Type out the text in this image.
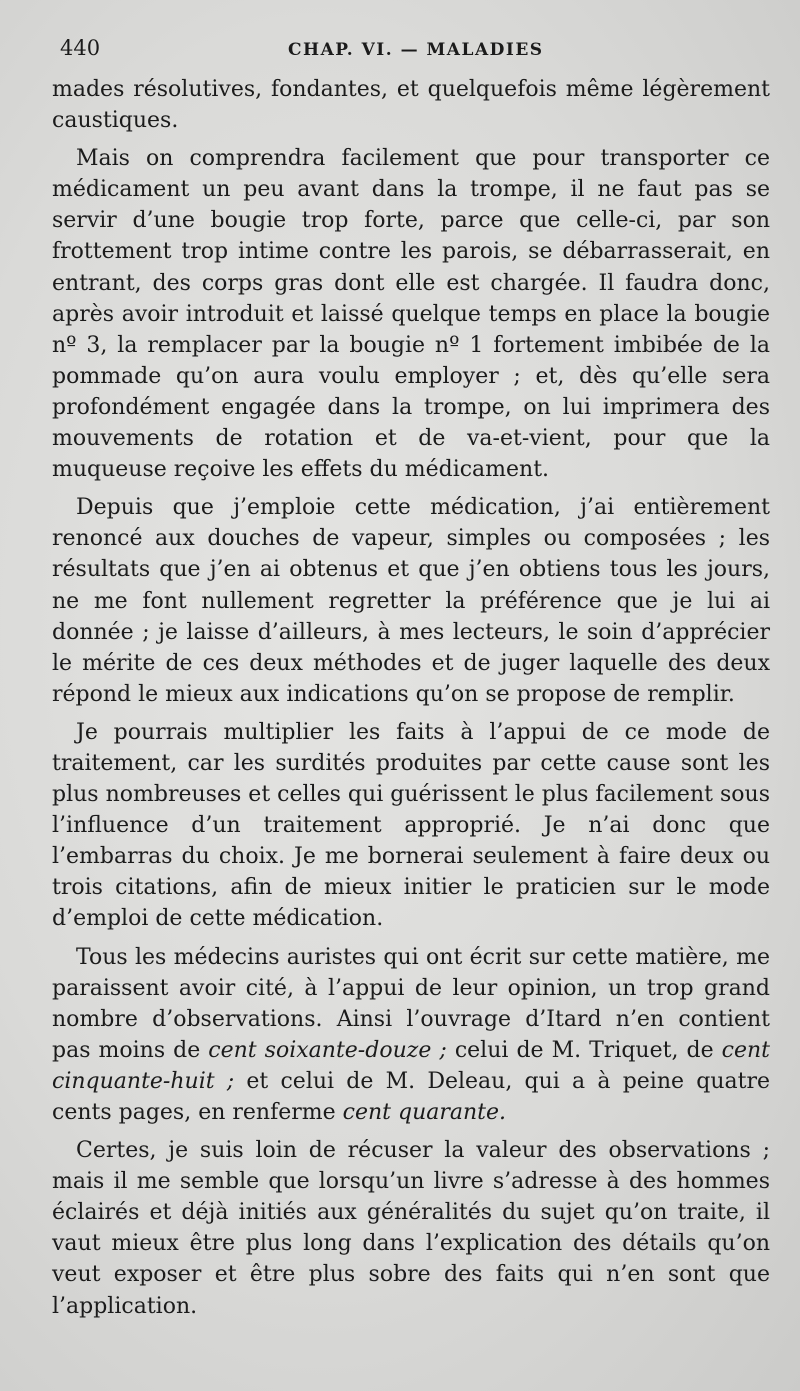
440	CHAP. VI. — MALADIES

mades résolutives, fondantes, et quelquefois même légèrement caustiques.

Mais on comprendra facilement que pour transporter ce médicament un peu avant dans la trompe, il ne faut pas se servir d’une bougie trop forte, parce que celle-ci, par son frottement trop intime contre les parois, se débarrasserait, en entrant, des corps gras dont elle est chargée. Il faudra donc, après avoir introduit et laissé quelque temps en place la bougie nº 3, la remplacer par la bougie nº 1 fortement imbibée de la pommade qu’on aura voulu employer ; et, dès qu’elle sera profondément engagée dans la trompe, on lui imprimera des mouvements de rotation et de va-et-vient, pour que la muqueuse reçoive les effets du médicament.

Depuis que j’emploie cette médication, j’ai entièrement renoncé aux douches de vapeur, simples ou composées ; les résultats que j’en ai obtenus et que j’en obtiens tous les jours, ne me font nullement regretter la préférence que je lui ai donnée ; je laisse d’ailleurs, à mes lecteurs, le soin d’apprécier le mérite de ces deux méthodes et de juger laquelle des deux répond le mieux aux indications qu’on se propose de remplir.

Je pourrais multiplier les faits à l’appui de ce mode de traitement, car les surdités produites par cette cause sont les plus nombreuses et celles qui guérissent le plus facilement sous l’influence d’un traitement approprié. Je n’ai donc que l’embarras du choix. Je me bornerai seulement à faire deux ou trois citations, afin de mieux initier le praticien sur le mode d’emploi de cette médication.

Tous les médecins auristes qui ont écrit sur cette matière, me paraissent avoir cité, à l’appui de leur opinion, un trop grand nombre d’observations. Ainsi l’ouvrage d’Itard n’en contient pas moins de cent soixante-douze ; celui de M. Triquet, de cent cinquante-huit ; et celui de M. Deleau, qui a à peine quatre cents pages, en renferme cent quarante.

Certes, je suis loin de récuser la valeur des observations ; mais il me semble que lorsqu’un livre s’adresse à des hommes éclairés et déjà initiés aux généralités du sujet qu’on traite, il vaut mieux être plus long dans l’explication des détails qu’on veut exposer et être plus sobre des faits qui n’en sont que l’application.
